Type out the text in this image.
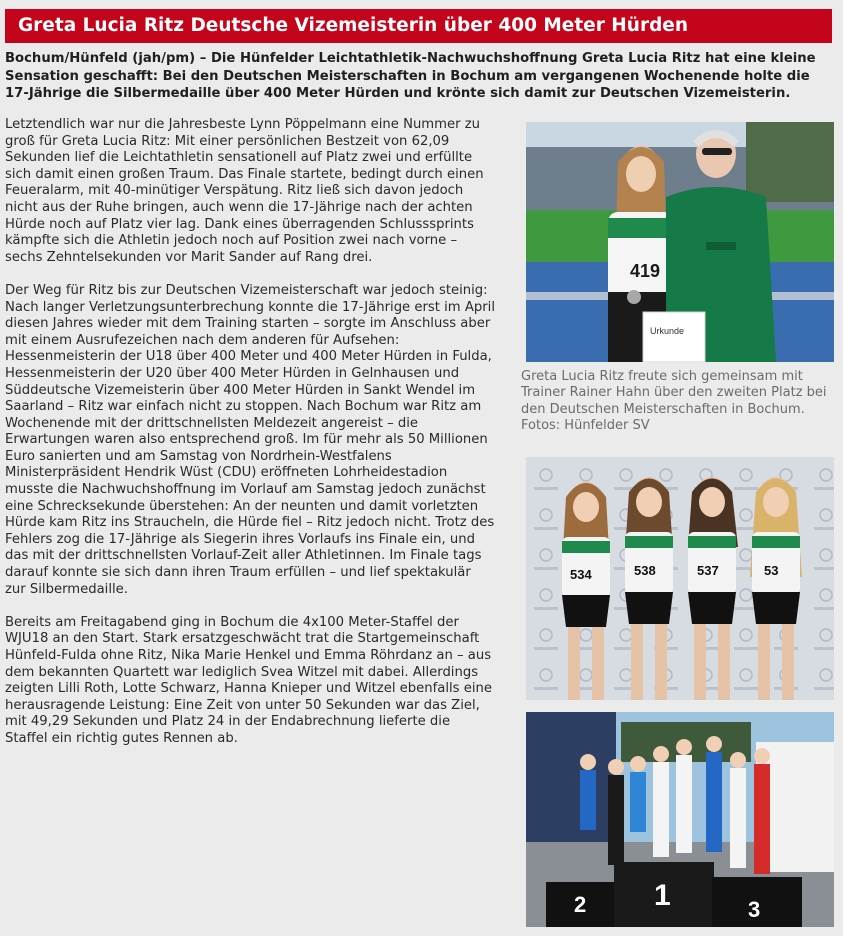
Greta Lucia Ritz Deutsche Vizemeisterin über 400 Meter Hürden

Bochum/Hünfeld (jah/pm) – Die Hünfelder Leichtathletik-Nachwuchshoffnung Greta Lucia Ritz hat eine kleine Sensation geschafft: Bei den Deutschen Meisterschaften in Bochum am vergangenen Wochenende holte die 17-Jährige die Silbermedaille über 400 Meter Hürden und krönte sich damit zur Deutschen Vizemeisterin.

Letztendlich war nur die Jahresbeste Lynn Pöppelmann eine Nummer zu groß für Greta Lucia Ritz: Mit einer persönlichen Bestzeit von 62,09 Sekunden lief die Leichtathletin sensationell auf Platz zwei und erfüllte sich damit einen großen Traum. Das Finale startete, bedingt durch einen Feueralarm, mit 40-minütiger Verspätung. Ritz ließ sich davon jedoch nicht aus der Ruhe bringen, auch wenn die 17-Jährige nach der achten Hürde noch auf Platz vier lag. Dank eines überragenden Schlusssprints kämpfte sich die Athletin jedoch noch auf Position zwei nach vorne – sechs Zehntelsekunden vor Marit Sander auf Rang drei.

Der Weg für Ritz bis zur Deutschen Vizemeisterschaft war jedoch steinig: Nach langer Verletzungsunterbrechung konnte die 17-Jährige erst im April diesen Jahres wieder mit dem Training starten – sorgte im Anschluss aber mit einem Ausrufezeichen nach dem anderen für Aufsehen: Hessenmeisterin der U18 über 400 Meter und 400 Meter Hürden in Fulda, Hessenmeisterin der U20 über 400 Meter Hürden in Gelnhausen und Süddeutsche Vizemeisterin über 400 Meter Hürden in Sankt Wendel im Saarland – Ritz war einfach nicht zu stoppen. Nach Bochum war Ritz am Wochenende mit der drittschnellsten Meldezeit angereist – die Erwartungen waren also entsprechend groß. Im für mehr als 50 Millionen Euro sanierten und am Samstag von Nordrhein-Westfalens Ministerpräsident Hendrik Wüst (CDU) eröffneten Lohrheidestadion musste die Nachwuchshoffnung im Vorlauf am Samstag jedoch zunächst eine Schrecksekunde überstehen: An der neunten und damit vorletzten Hürde kam Ritz ins Straucheln, die Hürde fiel – Ritz jedoch nicht. Trotz des Fehlers zog die 17-Jährige als Siegerin ihres Vorlaufs ins Finale ein, und das mit der drittschnellsten Vorlauf-Zeit aller Athletinnen. Im Finale tags darauf konnte sie sich dann ihren Traum erfüllen – und lief spektakulär zur Silbermedaille.

Bereits am Freitagabend ging in Bochum die 4x100 Meter-Staffel der WJU18 an den Start. Stark ersatzgeschwächt trat die Startgemeinschaft Hünfeld-Fulda ohne Ritz, Nika Marie Henkel und Emma Röhrdanz an – aus dem bekannten Quartett war lediglich Svea Witzel mit dabei. Allerdings zeigten Lilli Roth, Lotte Schwarz, Hanna Knieper und Witzel ebenfalls eine herausragende Leistung: Eine Zeit von unter 50 Sekunden war das Ziel, mit 49,29 Sekunden und Platz 24 in der Endabrechnung lieferte die Staffel ein richtig gutes Rennen ab.

419
Urkunde

Greta Lucia Ritz freute sich gemeinsam mit Trainer Rainer Hahn über den zweiten Platz bei den Deutschen Meisterschaften in Bochum. Fotos: Hünfelder SV

534	538	537	53
2 1	3
